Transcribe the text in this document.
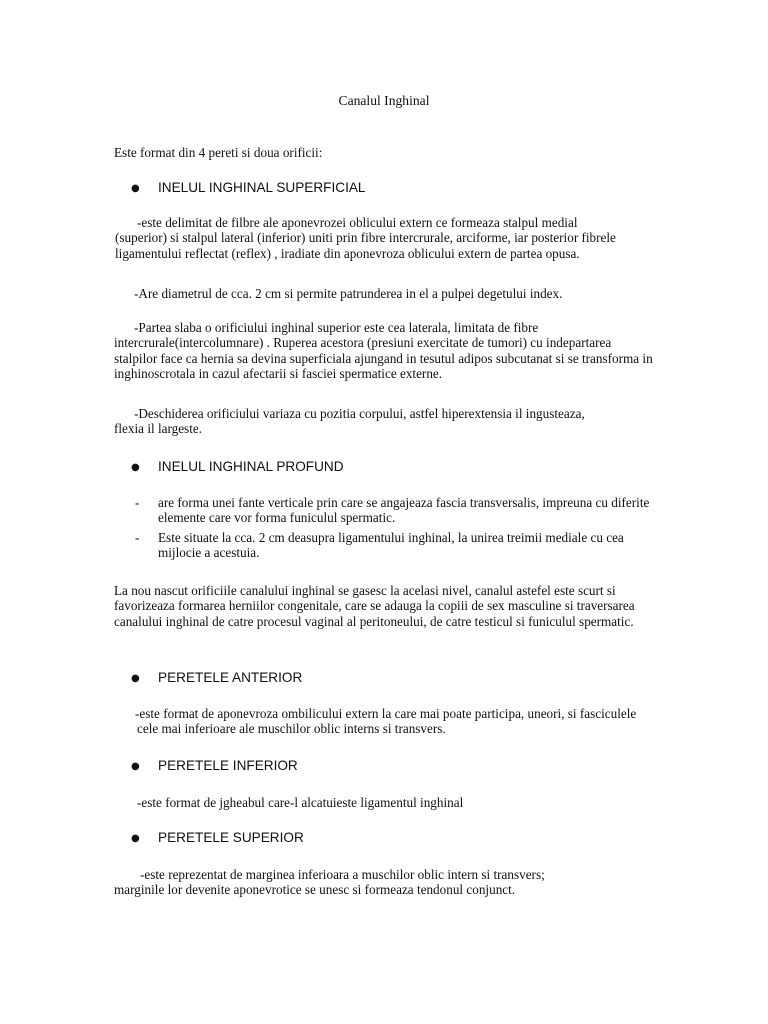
Canalul Inghinal

Este format din 4 pereti si doua orificii:

● INELUL INGHINAL SUPERFICIAL

-este delimitat de filbre ale aponevrozei oblicului extern ce formeaza stalpul medial
(superior) si stalpul lateral (inferior) uniti prin fibre intercrurale, arciforme, iar posterior fibrele ligamentului reflectat (reflex) , iradiate din aponevroza oblicului extern de partea opusa.

-Are diametrul de cca. 2 cm si permite patrunderea in el a pulpei degetului index.

-Partea slaba o orificiului inghinal superior este cea laterala, limitata de fibre
intercrurale(intercolumnare) . Ruperea acestora (presiuni exercitate de tumori) cu indepartarea stalpilor face ca hernia sa devina superficiala ajungand in tesutul adipos subcutanat si se transforma in inghinoscrotala in cazul afectarii si fasciei spermatice externe.

-Deschiderea orificiului variaza cu pozitia corpului, astfel hiperextensia il ingusteaza,
flexia il largeste.

● INELUL INGHINAL PROFUND

- are forma unei fante verticale prin care se angajeaza fascia transversalis, impreuna cu diferite elemente care vor forma funiculul spermatic.

- Este situate la cca. 2 cm deasupra ligamentului inghinal, la unirea treimii mediale cu cea mijlocie a acestuia.

La nou nascut orificiile canalului inghinal se gasesc la acelasi nivel, canalul astefel este scurt si favorizeaza formarea herniilor congenitale, care se adauga la copiii de sex masculine si traversarea canalului inghinal de catre procesul vaginal al peritoneului, de catre testicul si funiculul spermatic.

● PERETELE ANTERIOR

-este format de aponevroza ombilicului extern la care mai poate participa, uneori, si fasciculele cele mai inferioare ale muschilor oblic interns si transvers.

● PERETELE INFERIOR

-este format de jgheabul care-l alcatuieste ligamentul inghinal

● PERETELE SUPERIOR

-este reprezentat de marginea inferioara a muschilor oblic intern si transvers;
marginile lor devenite aponevrotice se unesc si formeaza tendonul conjunct.
